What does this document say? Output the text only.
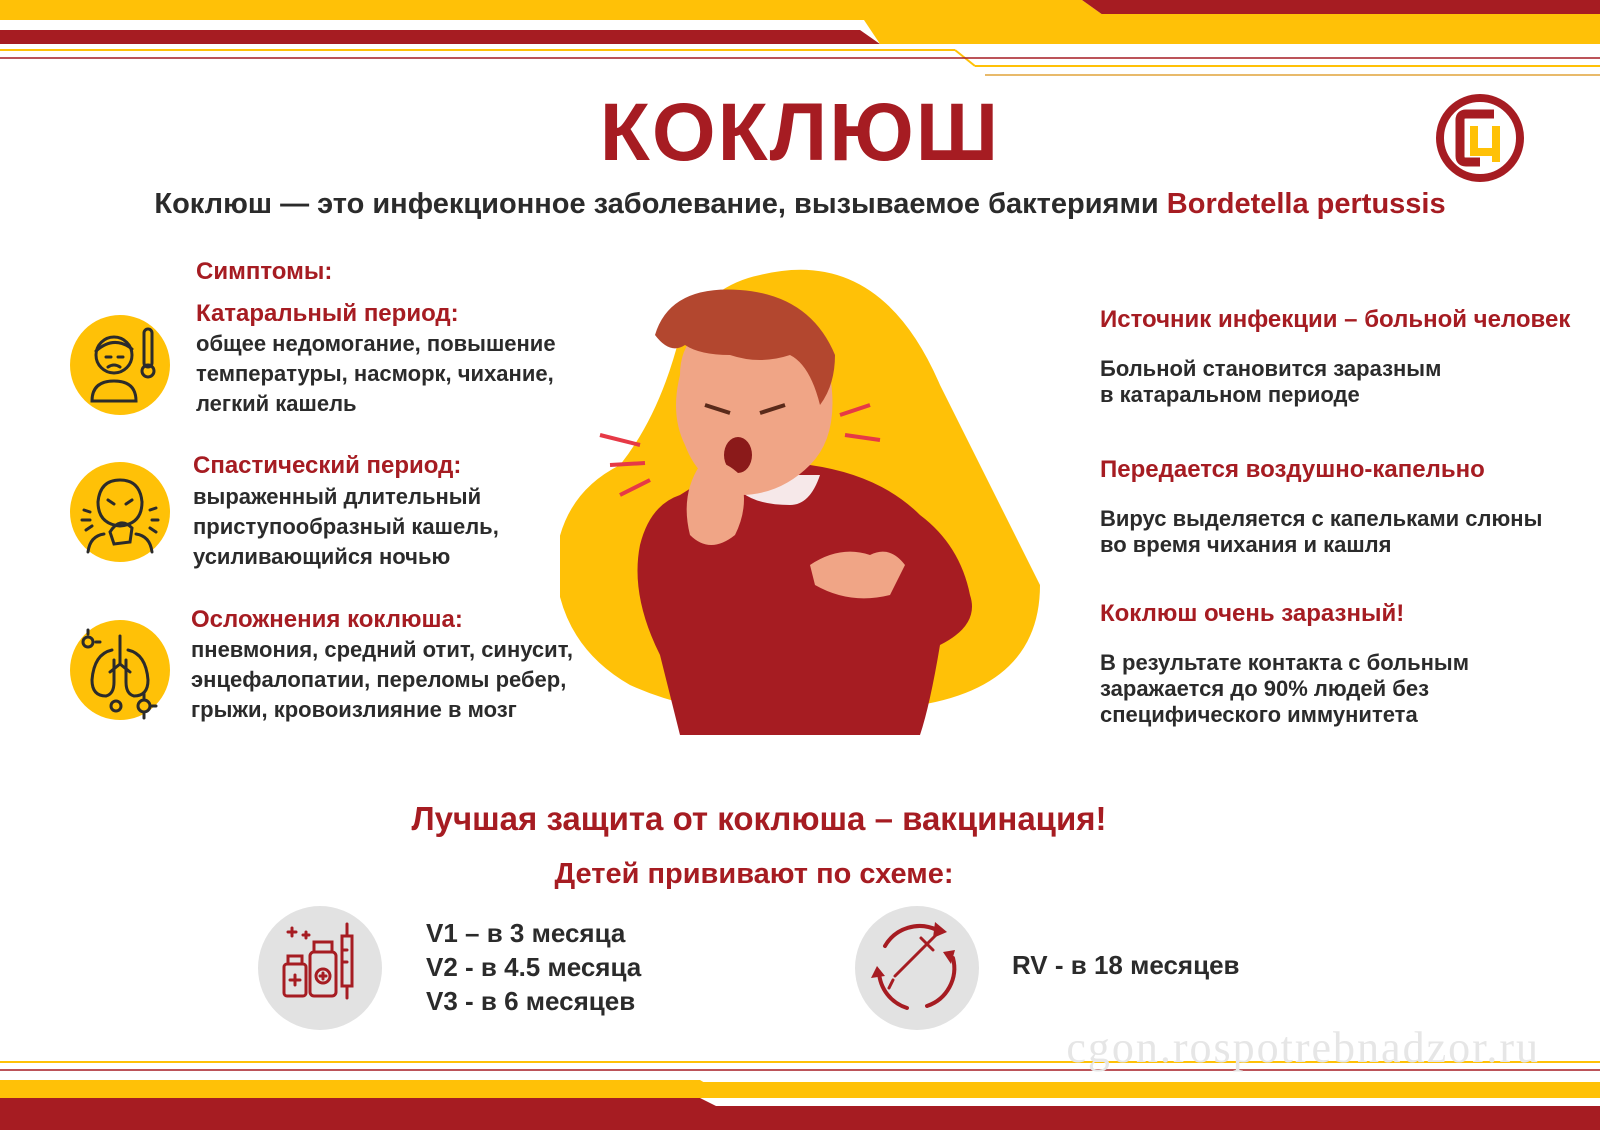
КОКЛЮШ
Коклюш — это инфекционное заболевание, вызываемое бактериями Bordetella pertussis
Симптомы:
Катаральный период:
общее недомогание, повышение
температуры, насморк, чихание,
легкий кашель
Спастический период:
выраженный длительный
приступообразный кашель,
усиливающийся ночью
Осложнения коклюша:
пневмония, средний отит, синусит,
энцефалопатии, переломы ребер,
грыжи, кровоизлияние в мозг
Источник инфекции – больной человек
Больной становится заразным
в катаральном периоде
Передается воздушно-капельно
Вирус выделяется с капельками слюны
во время чихания и кашля
Коклюш очень заразный!
В результате контакта с больным
заражается до 90% людей без
специфического иммунитета
Лучшая защита от коклюша – вакцинация!
Детей прививают по схеме:
V1 – в 3 месяца
V2 - в 4.5 месяца
V3 - в 6 месяцев
RV - в 18 месяцев
cgon.rospotrebnadzor.ru
